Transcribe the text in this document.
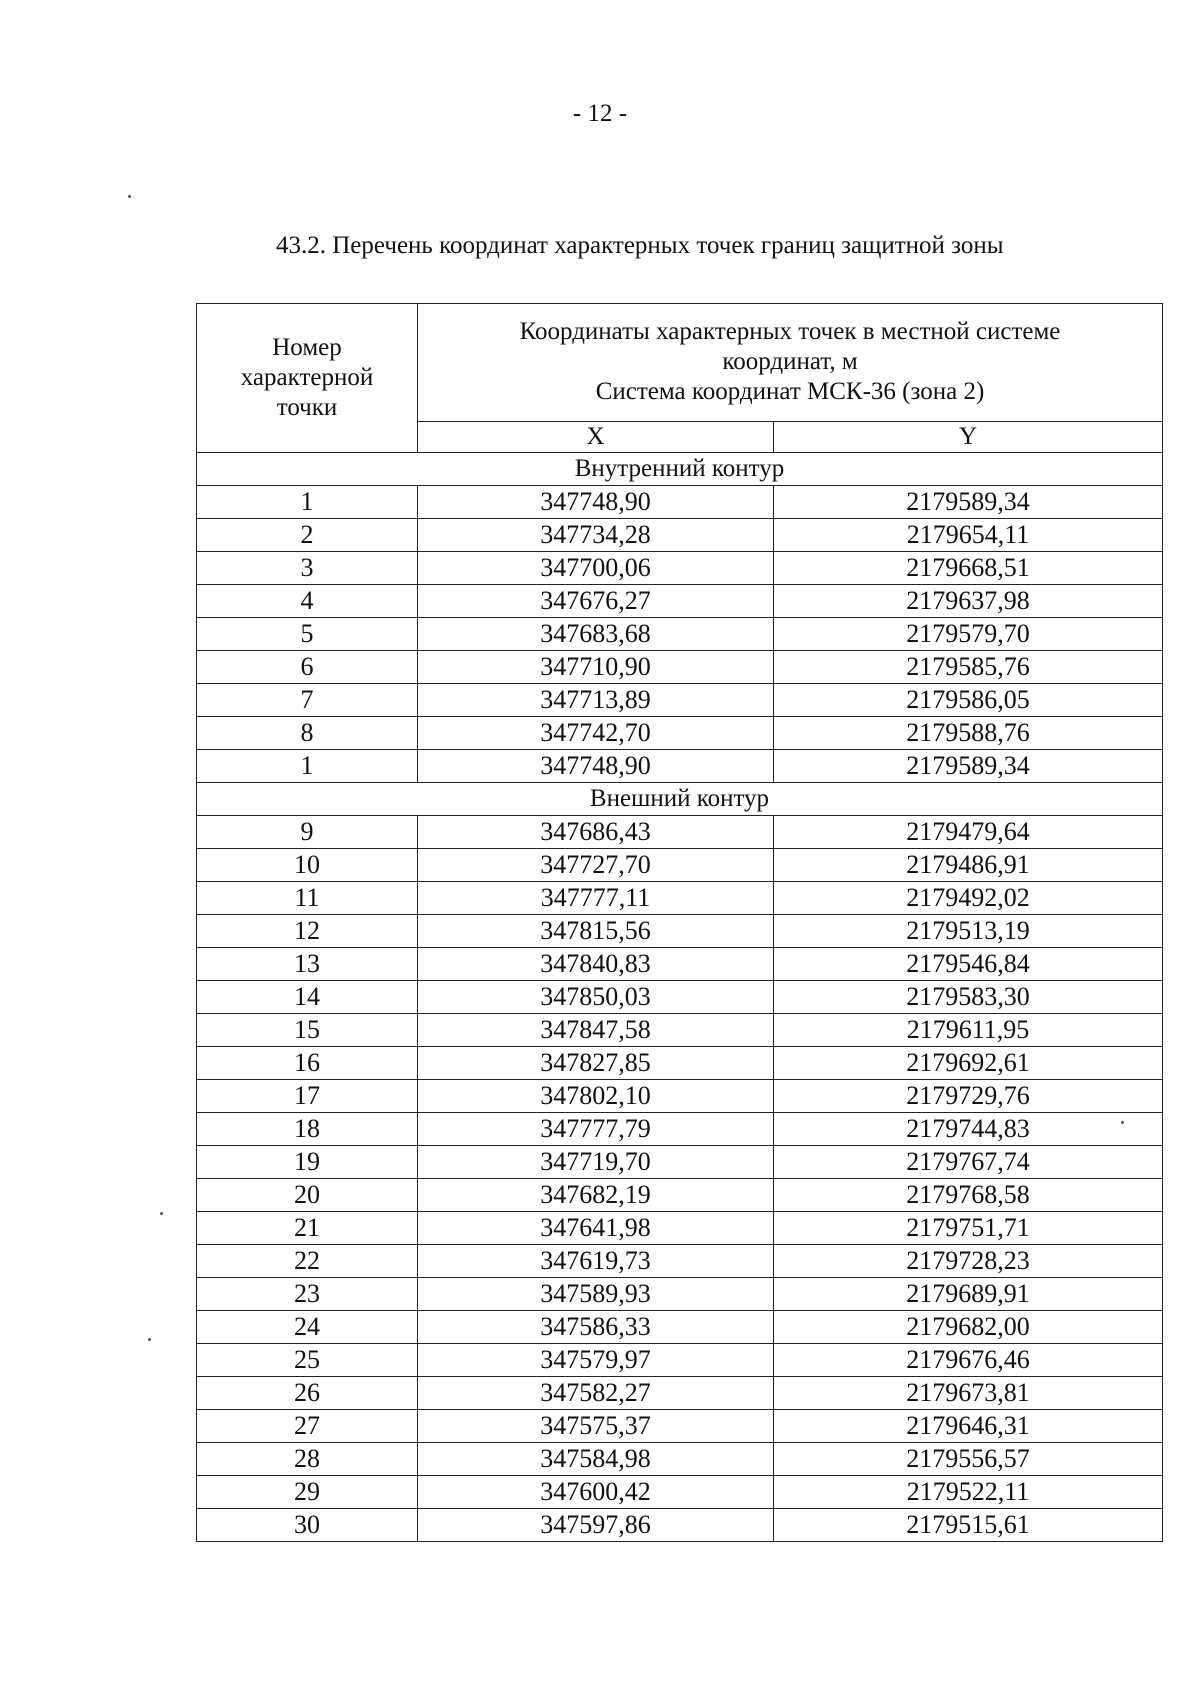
- 12 -
43.2. Перечень координат характерных точек границ защитной зоны
Номер
характерной
точки	Координаты характерных точек в местной системе
координат, м
Система координат МСК-36 (зона 2)	

	X	Y
Внутренний контур		
1	347748,90	2179589,34
2	347734,28	2179654,11
3	347700,06	2179668,51
4	347676,27	2179637,98
5	347683,68	2179579,70
6	347710,90	2179585,76
7	347713,89	2179586,05
8	347742,70	2179588,76
1	347748,90	2179589,34
Внешний контур		
9	347686,43	2179479,64
10	347727,70	2179486,91
11	347777,11	2179492,02
12	347815,56	2179513,19
13	347840,83	2179546,84
14	347850,03	2179583,30
15	347847,58	2179611,95
16	347827,85	2179692,61
17	347802,10	2179729,76
18	347777,79	2179744,83
19	347719,70	2179767,74
20	347682,19	2179768,58
21	347641,98	2179751,71
22	347619,73	2179728,23
23	347589,93	2179689,91
24	347586,33	2179682,00
25	347579,97	2179676,46
26	347582,27	2179673,81
27	347575,37	2179646,31
28	347584,98	2179556,57
29	347600,42	2179522,11
30	347597,86	2179515,61
